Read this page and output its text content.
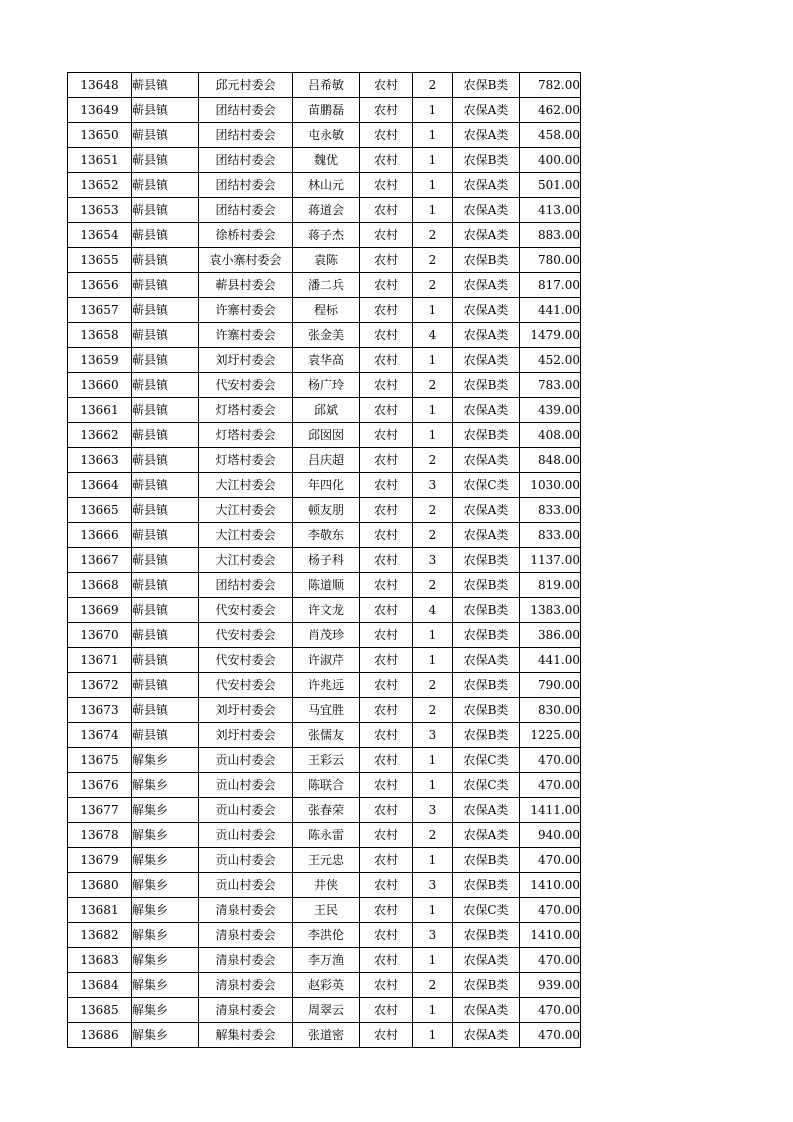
13648	蕲县镇	邱元村委会	吕希敏	农村	2	农保B类	782.00
13649	蕲县镇	团结村委会	苗鹏磊	农村	1	农保A类	462.00
13650	蕲县镇	团结村委会	屯永敏	农村	1	农保A类	458.00
13651	蕲县镇	团结村委会	魏优	农村	1	农保B类	400.00
13652	蕲县镇	团结村委会	林山元	农村	1	农保A类	501.00
13653	蕲县镇	团结村委会	蒋道会	农村	1	农保A类	413.00
13654	蕲县镇	徐桥村委会	蒋子杰	农村	2	农保A类	883.00
13655	蕲县镇	袁小寨村委会	袁陈	农村	2	农保B类	780.00
13656	蕲县镇	蕲县村委会	潘二兵	农村	2	农保A类	817.00
13657	蕲县镇	许寨村委会	程标	农村	1	农保A类	441.00
13658	蕲县镇	许寨村委会	张金美	农村	4	农保A类	1479.00
13659	蕲县镇	刘圩村委会	袁华高	农村	1	农保A类	452.00
13660	蕲县镇	代安村委会	杨广玲	农村	2	农保B类	783.00
13661	蕲县镇	灯塔村委会	邱斌	农村	1	农保A类	439.00
13662	蕲县镇	灯塔村委会	邱囡囡	农村	1	农保B类	408.00
13663	蕲县镇	灯塔村委会	吕庆超	农村	2	农保A类	848.00
13664	蕲县镇	大江村委会	年四化	农村	3	农保C类	1030.00
13665	蕲县镇	大江村委会	顿友朋	农村	2	农保A类	833.00
13666	蕲县镇	大江村委会	李敬东	农村	2	农保A类	833.00
13667	蕲县镇	大江村委会	杨子科	农村	3	农保B类	1137.00
13668	蕲县镇	团结村委会	陈道顺	农村	2	农保B类	819.00
13669	蕲县镇	代安村委会	许文龙	农村	4	农保B类	1383.00
13670	蕲县镇	代安村委会	肖茂珍	农村	1	农保B类	386.00
13671	蕲县镇	代安村委会	许淑芹	农村	1	农保A类	441.00
13672	蕲县镇	代安村委会	许兆远	农村	2	农保B类	790.00
13673	蕲县镇	刘圩村委会	马宜胜	农村	2	农保B类	830.00
13674	蕲县镇	刘圩村委会	张儒友	农村	3	农保B类	1225.00
13675	解集乡	贡山村委会	王彩云	农村	1	农保C类	470.00
13676	解集乡	贡山村委会	陈联合	农村	1	农保C类	470.00
13677	解集乡	贡山村委会	张春荣	农村	3	农保A类	1411.00
13678	解集乡	贡山村委会	陈永雷	农村	2	农保A类	940.00
13679	解集乡	贡山村委会	王元忠	农村	1	农保B类	470.00
13680	解集乡	贡山村委会	井侠	农村	3	农保B类	1410.00
13681	解集乡	清泉村委会	王民	农村	1	农保C类	470.00
13682	解集乡	清泉村委会	李洪伦	农村	3	农保B类	1410.00
13683	解集乡	清泉村委会	李万渔	农村	1	农保A类	470.00
13684	解集乡	清泉村委会	赵彩英	农村	2	农保B类	939.00
13685	解集乡	清泉村委会	周翠云	农村	1	农保A类	470.00
13686	解集乡	解集村委会	张道密	农村	1	农保A类	470.00
